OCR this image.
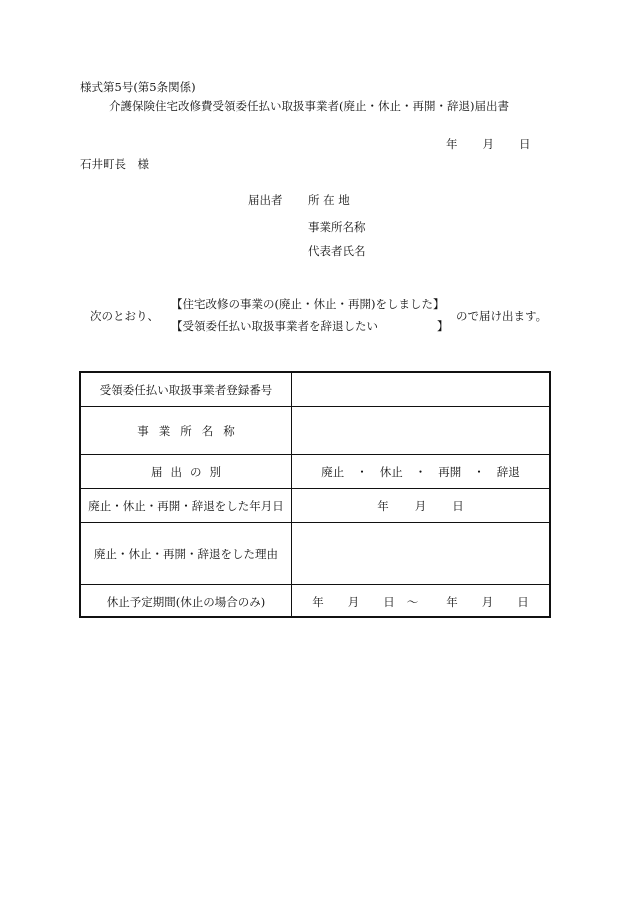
様式第5号(第5条関係)
介護保険住宅改修費受領委任払い取扱事業者(廃止・休止・再開・辞退)届出書
年 月 日
石井町長　様
届出者 所 在 地
事業所名称
代表者氏名
次のとおり、
【住宅改修の事業の(廃止・休止・再開)をしました】
【受領委任払い取扱事業者を辞退したい	】
ので届け出ます。
受領委任払い取扱事業者登録番号
事業所名称
届出の別	廃止 ・ 休止 ・ 再開 ・ 辞退
廃止・休止・再開・辞退をした年月日	年 月 日
廃止・休止・再開・辞退をした理由
休止予定期間(休止の場合のみ)	年 月 日 ～ 年 月 日
